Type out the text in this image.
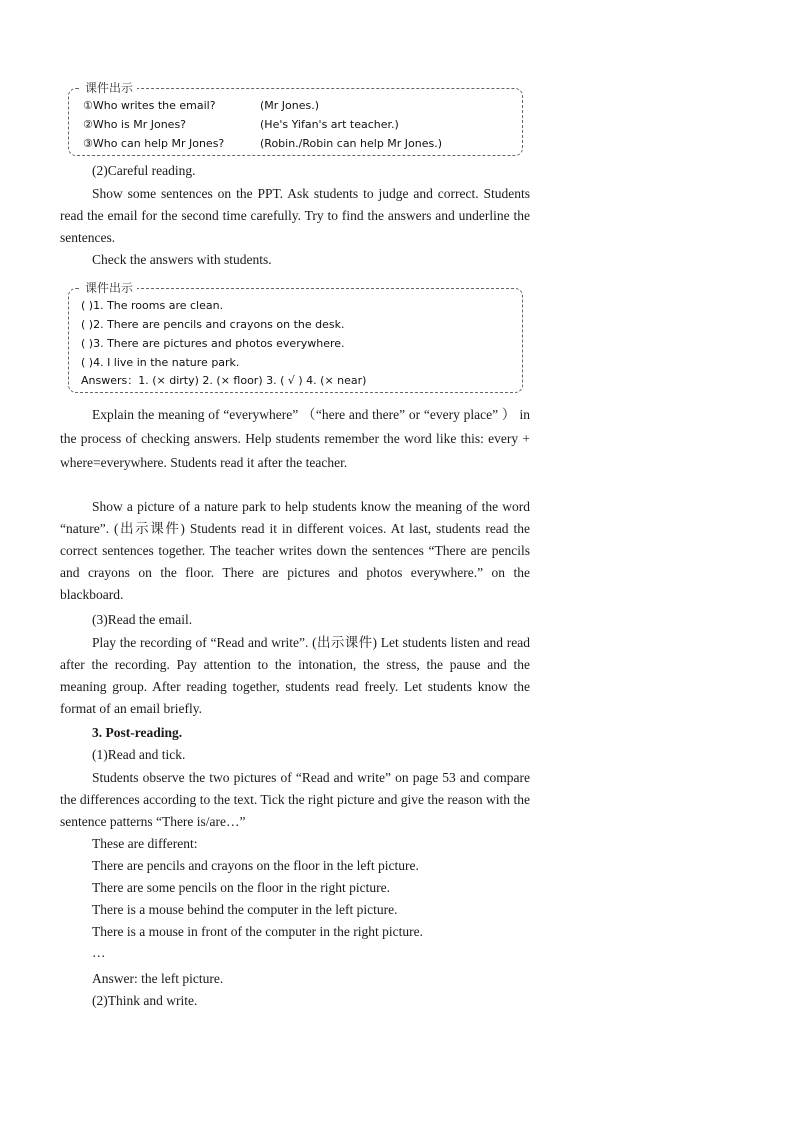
课件出示
①Who writes the email?	(Mr Jones.)
②Who is Mr Jones?	(He's Yifan's art teacher.)
③Who can help Mr Jones?	(Robin./Robin can help Mr Jones.)
(2)Careful reading.

Show some sentences on the PPT. Ask students to judge and correct. Students read the email for the second time carefully. Try to find the answers and underline the sentences.

Check the answers with students.
课件出示
( )1. The rooms are clean.
( )2. There are pencils and crayons on the desk.
( )3. There are pictures and photos everywhere.
( )4. I live in the nature park.
Answers：1. (× dirty) 2. (× floor) 3. ( √ ) 4. (× near)

Explain the meaning of “everywhere” （“here and there” or “every place” ） in the process of checking answers. Help students remember the word like this: every + where=everywhere. Students read it after the teacher.

Show a picture of a nature park to help students know the meaning of the word “nature”. (出示课件) Students read it in different voices. At last, students read the correct sentences together. The teacher writes down the sentences “There are pencils and crayons on the floor. There are pictures and photos everywhere.” on the blackboard.

(3)Read the email.

Play the recording of “Read and write”. (出示课件) Let students listen and read after the recording. Pay attention to the intonation, the stress, the pause and the meaning group. After reading together, students read freely. Let students know the format of an email briefly.

3. Post-reading.
(1)Read and tick.

Students observe the two pictures of “Read and write” on page 53 and compare the differences according to the text. Tick the right picture and give the reason with the sentence patterns “There is/are…”

These are different:
There are pencils and crayons on the floor in the left picture.
There are some pencils on the floor in the right picture.
There is a mouse behind the computer in the left picture.
There is a mouse in front of the computer in the right picture.
…
Answer: the left picture.
(2)Think and write.
